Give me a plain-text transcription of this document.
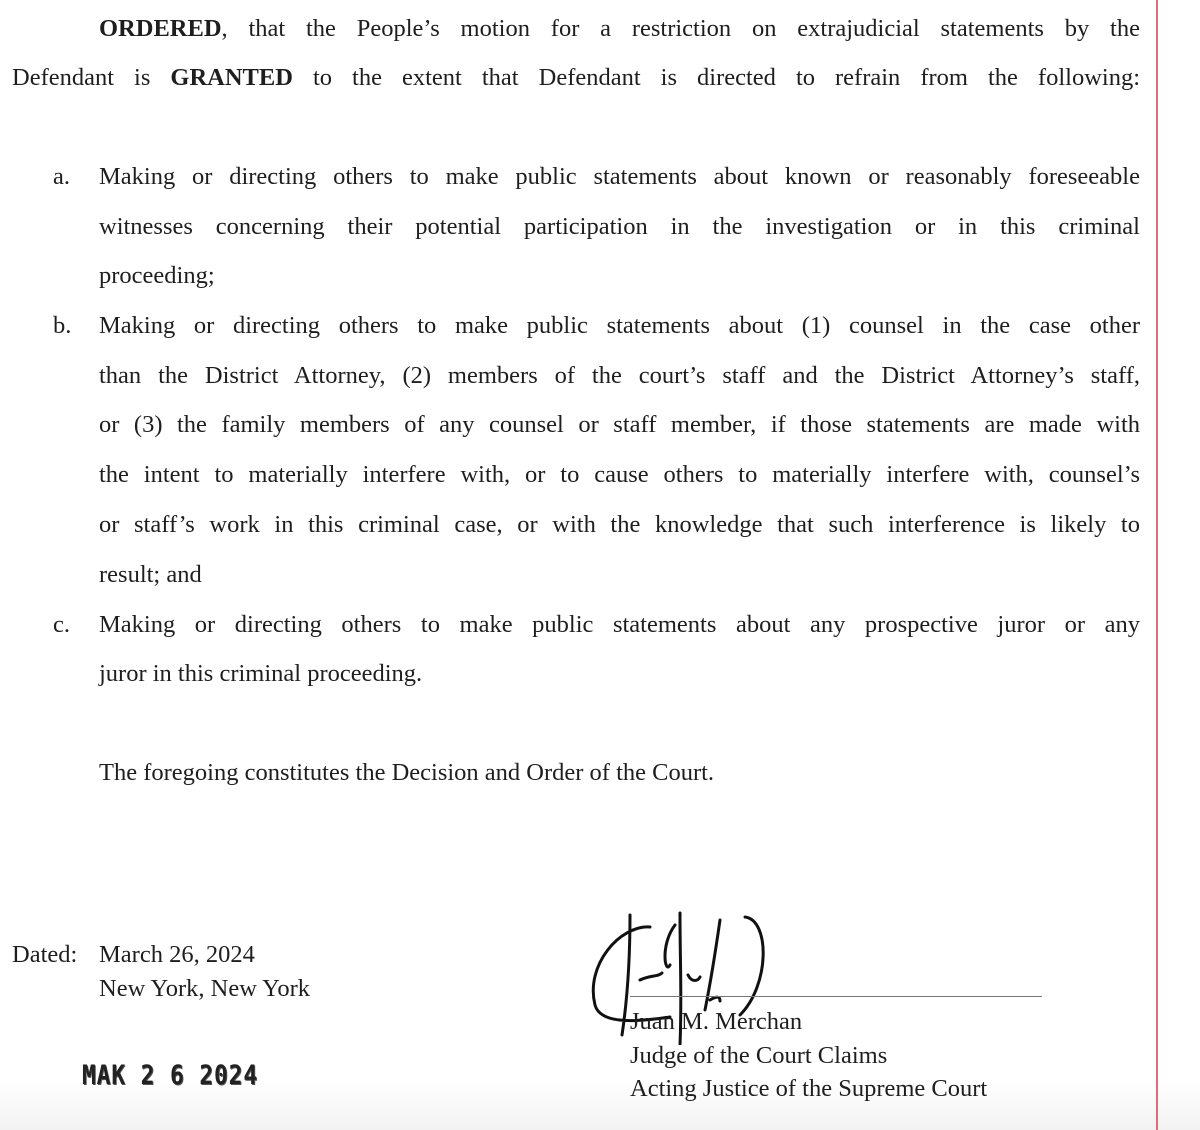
ORDERED, that the People’s motion for a restriction on extrajudicial statements by the
Defendant is GRANTED to the extent that Defendant is directed to refrain from the following:
a. Making or directing others to make public statements about known or reasonably foreseeable
witnesses concerning their potential participation in the investigation or in this criminal
proceeding;
b. Making or directing others to make public statements about (1) counsel in the case other
than the District Attorney, (2) members of the court’s staff and the District Attorney’s staff,
or (3) the family members of any counsel or staff member, if those statements are made with
the intent to materially interfere with, or to cause others to materially interfere with, counsel’s
or staff’s work in this criminal case, or with the knowledge that such interference is likely to
result; and
c. Making or directing others to make public statements about any prospective juror or any
juror in this criminal proceeding.
The foregoing constitutes the Decision and Order of the Court.
Dated: March 26, 2024
New York, New York
MAK 2 6 2024
Juan M. Merchan
Judge of the Court Claims
Acting Justice of the Supreme Court
